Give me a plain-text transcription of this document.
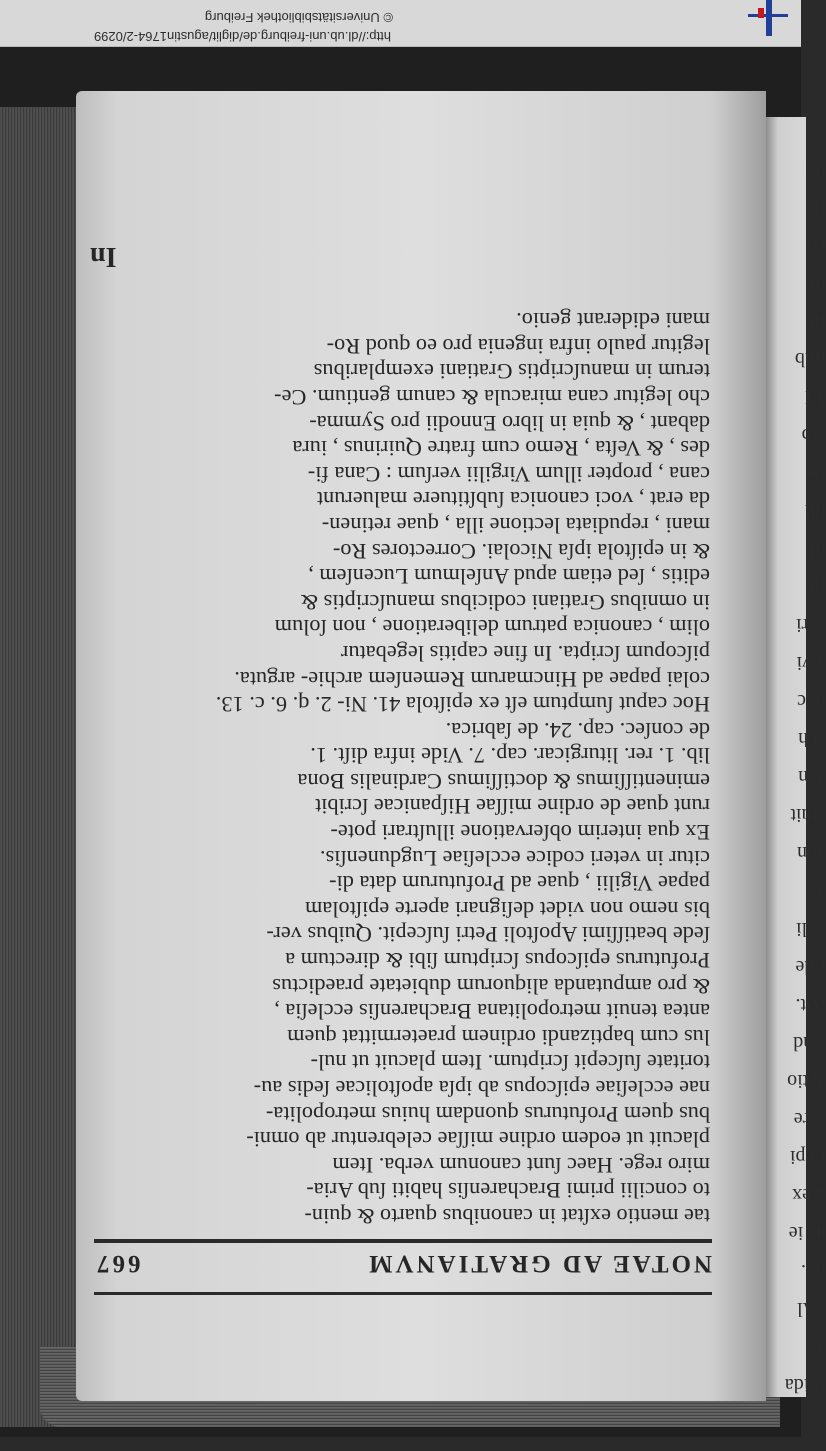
http://dl.ub.uni-freiburg.de/diglit/agustin1764-2/0299
© Universitätsbibliothek Freiburg
vrida
ae
. Al
u. .
us ie
n ex
r epi
orre
actio
e ad
Ait.
r de
nali
a
aun
sfuit
zan
ech
unc
a vi
cari
ro
ill
idi
ve
cib
VI
inib
ro
lp
co
if
ip:
NOTAE AD GRATIANVM
667

tae mentio exſtat in canonibus quarto & quin-

to concilii primi Bracharenſis habiti ſub Aria-

miro rege. Haec ſunt canonum verba. Item

placuit ut eodem ordine miſſae celebrentur ab omni-

bus quem Profuturus quondam huius metropolita-

nae eccleſiae epiſcopus ab ipſa apoſtolicae ſedis au-

toritate ſuſcepit ſcriptum. Item placuit ut nul-

lus cum baptizandi ordinem praetermittat quem

antea tenuit metropolitana Bracharenſis eccleſia ,

& pro amputanda aliquorum dubietate praedictus

Profuturus epiſcopus ſcriptum ſibi & directum a

ſede beatiſſimi Apoſtoli Petri ſuſcepit. Quibus ver-

bis nemo non videt deſignari aperte epiſtolam

papae Vigilii , quae ad Profuturum data di-

citur in veteri codice eccleſiae Lugdunenſis.

Ex qua interim obſervatione illuſtrari pote-

runt quae de ordine miſſae Hiſpanicae ſcribit

eminentiſſimus & doctiſſimus Cardinalis Bona

lib. 1. rer. liturgicar. cap. 7. Vide infra diſt. 1.

de conſec. cap. 24. de ſabrica.

Hoc caput ſumptum eſt ex epiſtola 41. Ni- 2. q. 6. c. 13.

colai papae ad Hincmarum Remenſem archie- arguta.

piſcopum ſcripta. In fine capitis legebatur

olim , canonica patrum deliberatione , non ſolum

in omnibus Gratiani codicibus manuſcriptis &

editis , ſed etiam apud Anſelmum Lucenſem ,

& in epiſtola ipſa Nicolai. Correctores Ro-

mani , repudiata lectione illa , quae retinen-

da erat , voci canonica ſubſtituere maluerunt

cana , propter illum Virgilii verſum : Cana fi-

des , & Veſta , Remo cum fratre Quirinus , iura

dabant , & quia in libro Ennodii pro Symma-

cho legitur cana miracula & canum gentium. Ce-

terum in manuſcriptis Gratiani exemplaribus

legitur paulo infra ingenia pro eo quod Ro-

mani ediderant genio.

In
